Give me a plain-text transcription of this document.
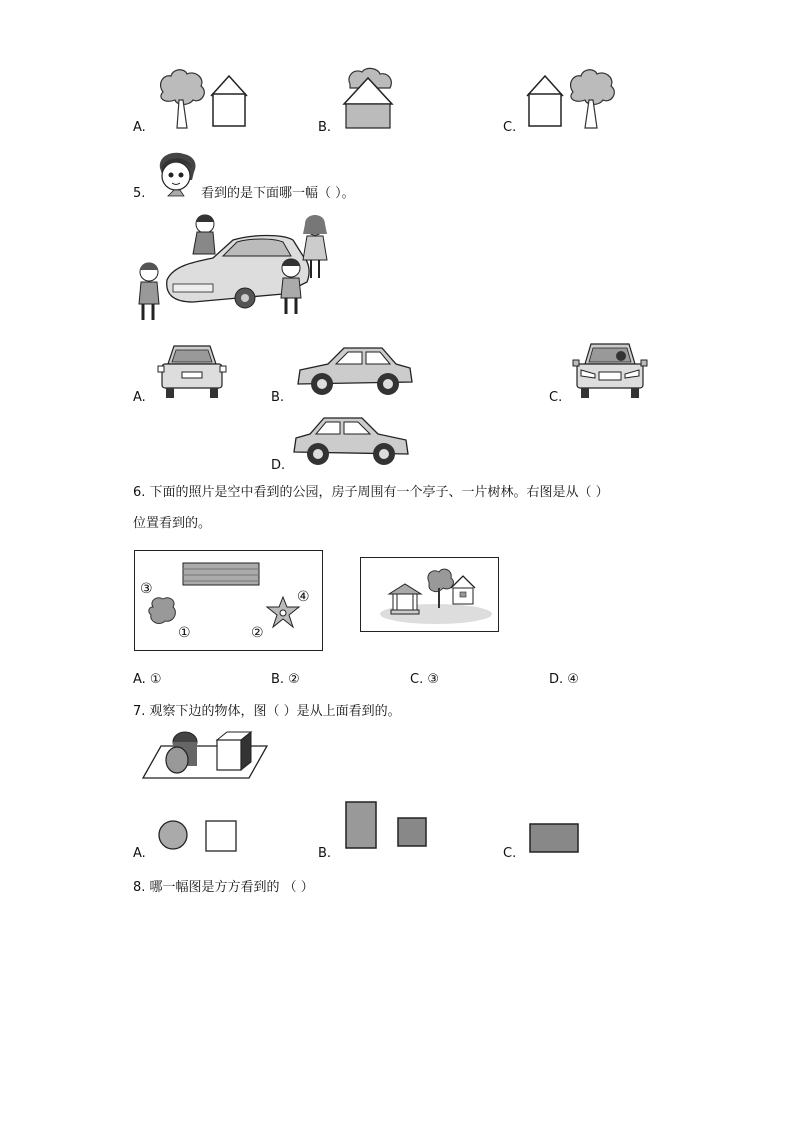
A.	B.	C.
5.	看到的是下面哪一幅（ ）。
A.	B.	C.
D.
6. 下面的照片是空中看到的公园，房子周围有一个亭子、一片树林。右图是从（ ）
位置看到的。
③
①	②
④
A. ①	B. ②	C. ③	D. ④
7. 观察下边的物体，图（ ）是从上面看到的。
A.	B.	C.
8. 哪一幅图是方方看到的 （ ）
